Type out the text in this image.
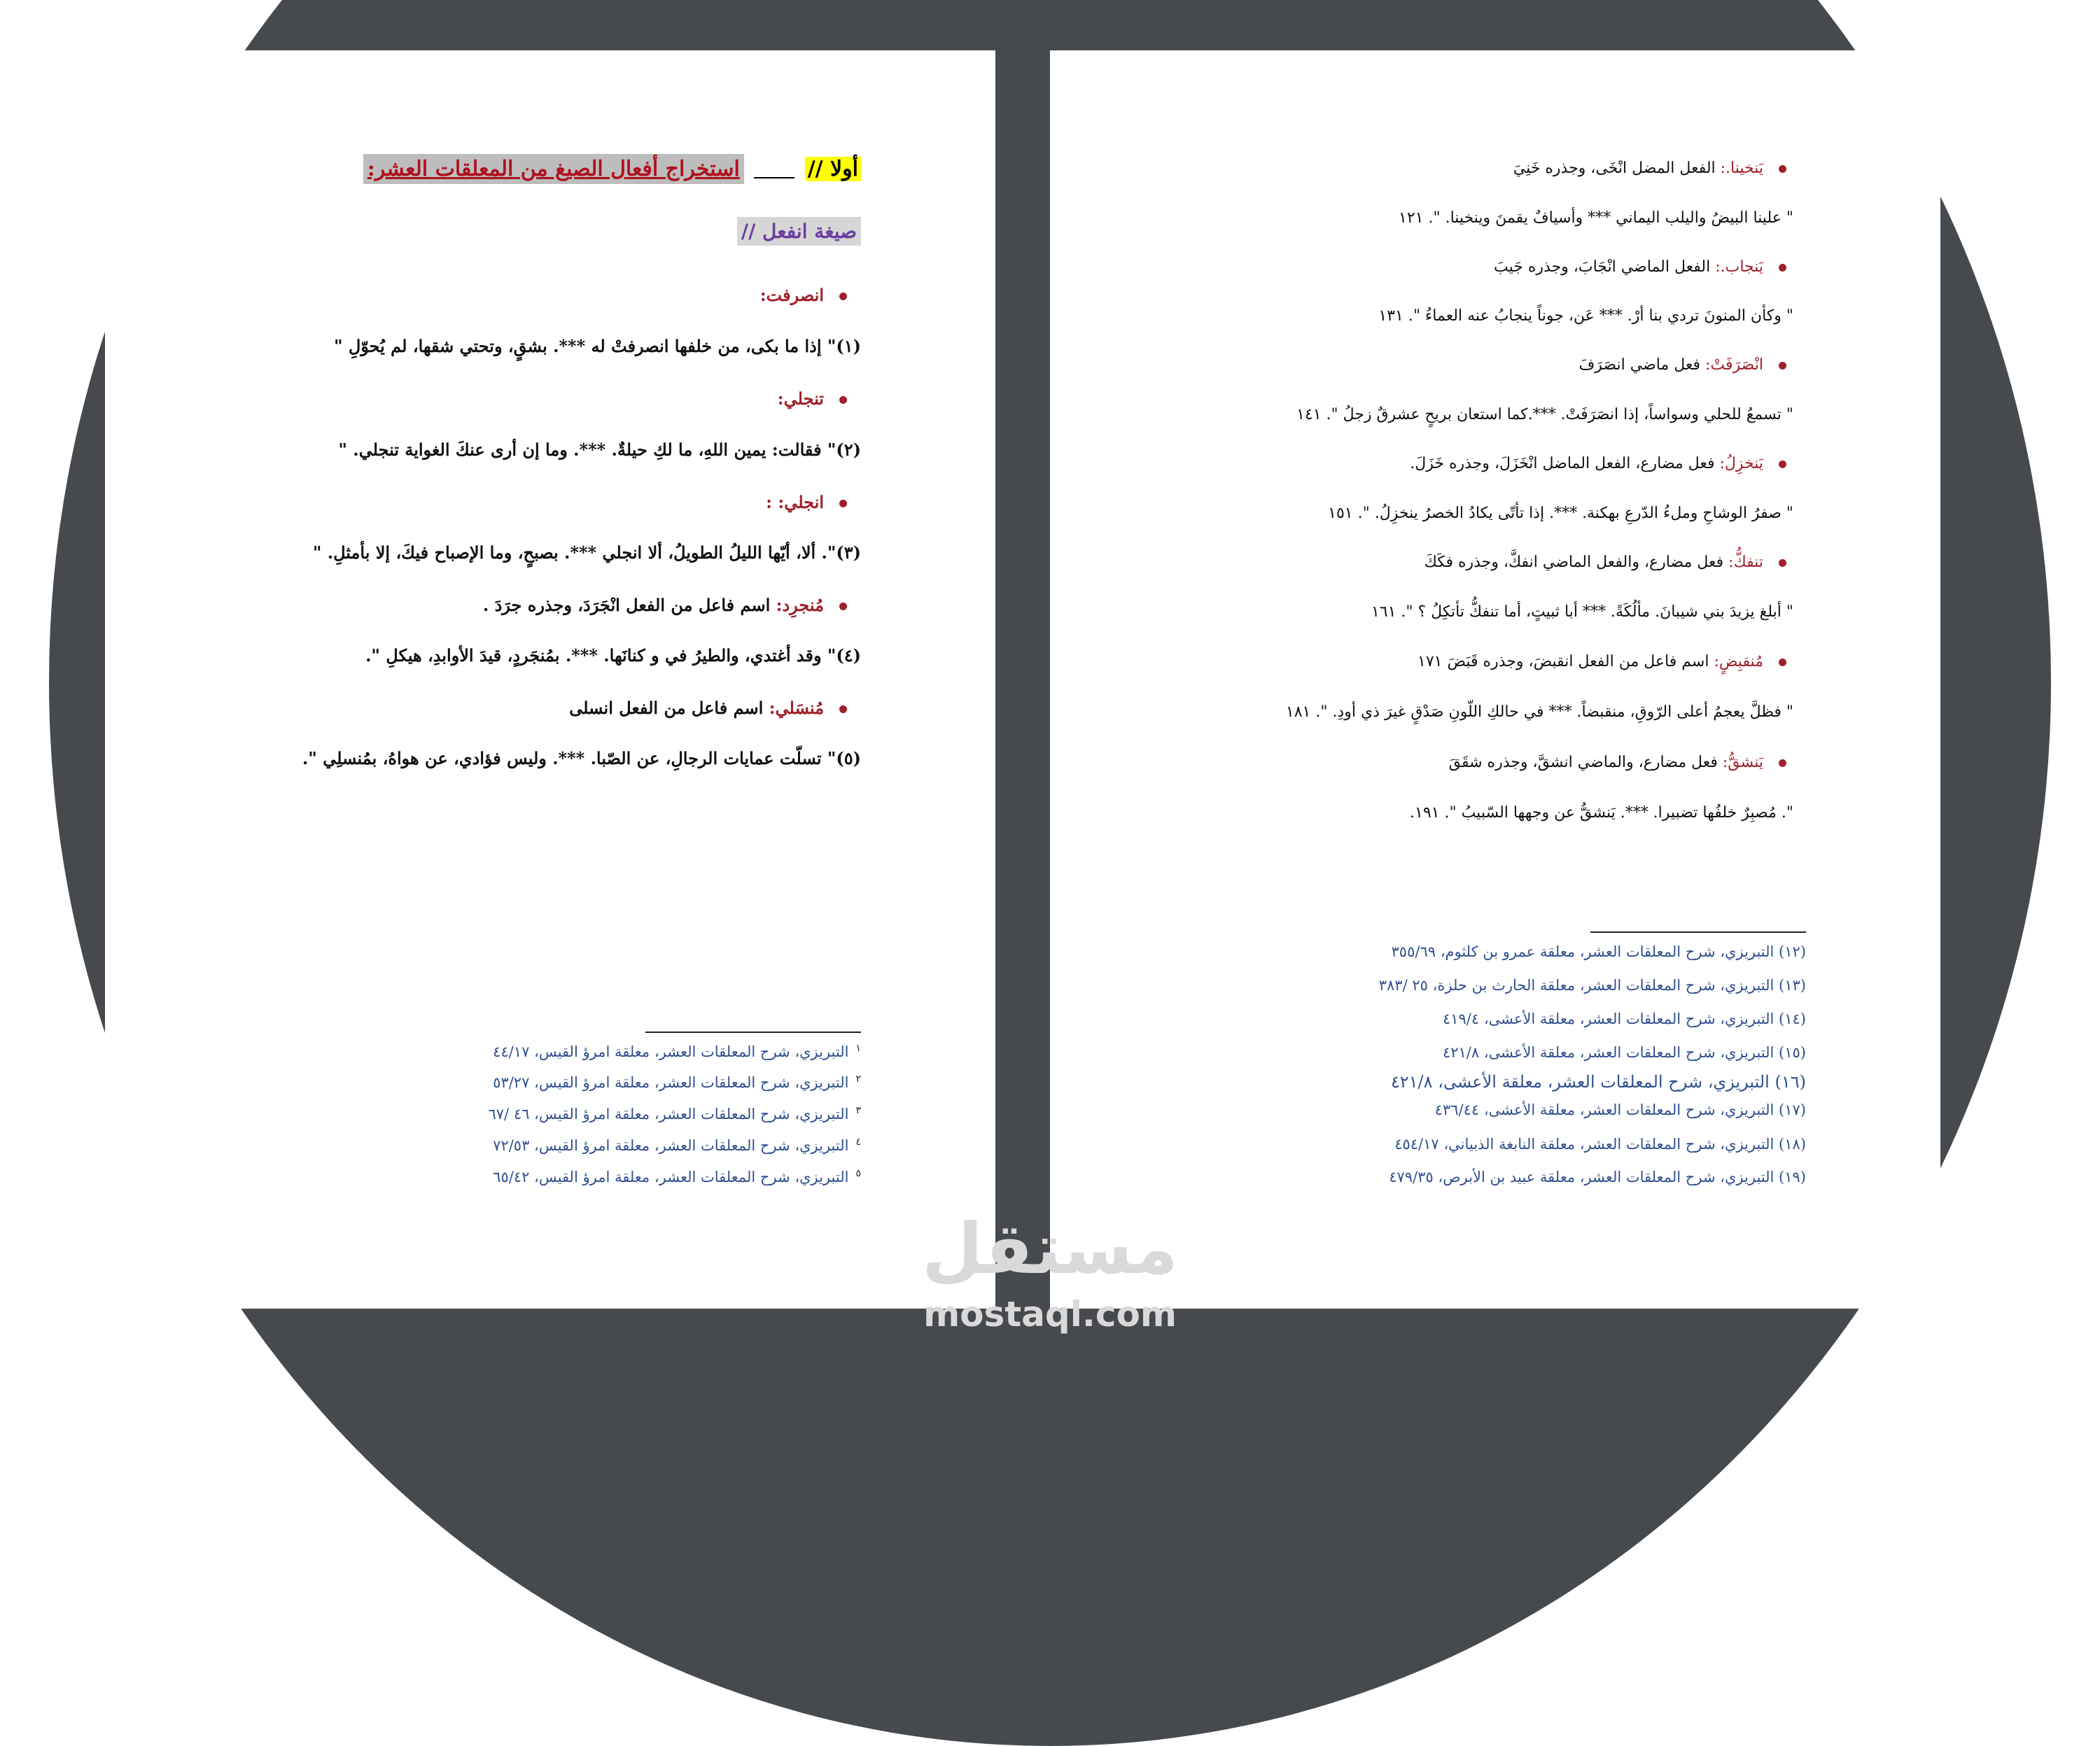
أولا //  استخراج أفعال الصيغ من المعلقات العشر:
صيغة انفعل //
انصرفت:
(١)" إذا ما بكى، من خلفها انصرفتْ له ***. بشقٍ، وتحتي شقها، لم يُحوّلِ "
تنجلي:
(٢)" فقالت: يمين اللهِ، ما لكِ حيلةٌ. ***. وما إن أرى عنكَ الغواية تنجلي. "
انجلي: :
(٣)". ألا، أيّها الليلُ الطويلُ، ألا انجلي ***. بصبحٍ، وما الإصباح فيكَ، إلا بأمثلِ. "
مُنجرِد: اسم فاعل من الفعل انْجَرَدَ، وجذره جرَدَ .
(٤)" وقد أغتدي، والطيرُ في و كنانَها. ***. بمُنجَردٍ، قيدَ الأوابدِ، هيكلِ ".
مُنسَلي: اسم فاعل من الفعل انسلى
(٥)" تسلّت عمايات الرجالِ، عن الصّبا. ***. وليس فؤادي، عن هواهُ، بمُنسلِي ".
$^١$التبريزي، شرح المعلقات العشر، معلقة امرؤ القيس، ٤٤/١٧
$^٢$التبريزي، شرح المعلقات العشر، معلقة امرؤ القيس، ٥٣/٢٧
$^٣$التبريزي، شرح المعلقات العشر، معلقة امرؤ القيس، ٤٦ /٦٧
$^٤$التبريزي، شرح المعلقات العشر، معلقة امرؤ القيس، ٧٢/٥٣
$^٥$التبريزي، شرح المعلقات العشر، معلقة امرؤ القيس، ٦٥/٤٢
يَنخينا.: الفعل المضل انْخَى، وجذره خَنِيَ
" علينا البيضُ واليلب اليماني *** وأسيافٌ يقمنَ وينخينا. ". ١٢١
يَنجاب.: الفعل الماضي انْجَابَ، وجذره جَيبَ
" وكأن المنونَ تردي بنا أرْ. *** عَن، جوناً ينجابُ عنه العماءُ ". ١٣١
انْصَرَفَتْ: فعل ماضي انصَرَفَ
" تسمعُ للحلي وسواساً، إذا انصَرَفَتْ. ***.كما استعان بريحٍ عشرقٌ زجلُ ". ١٤١
يَنخزِلُ: فعل مضارع، الفعل الماضل انْخَزَلَ، وجذره خَزَلَ.
" صفرُ الوشاحِ وملءُ الدّرعِ بهكنة. ***. إذا تأتّى يكادُ الخصرُ ينخزِلُ. ". ١٥١
تنفكُّ: فعل مضارع، والفعل الماضي انفكَّ، وجذره فكَكَ
" أبلغ يزيدَ بني شيبانَ. مألُكَةً. *** أبا ثبيتٍ، أما تنفكُّ تأتكِلُ ؟ ". ١٦١
مُنقبِضٍ: اسم فاعل من الفعل انقبضَ، وجذره قَبَضَ ١٧١
" فظلَّ يعجمُ أعلى الرّوقِ، منقبضاً. *** في حالكِ اللّونِ صَدْقٍ غيرَ ذي أودِ. ". ١٨١
يَنشقُّ: فعل مضارع، والماضي انشقَّ، وجذره شقَقَ
". مُصبِرٌ خلفُها تضبيرا. ***. يَنشقُّ عن وجهها السّبيبُ ". ١٩١.
(١٢) التبريزي، شرح المعلقات العشر، معلقة عمرو بن كلثوم، ٣٥٥/٦٩
(١٣) التبريزي، شرح المعلقات العشر، معلقة الحارث بن حلزة، ٢٥ /٣٨٣
(١٤) التبريزي، شرح المعلقات العشر، معلقة الأعشى، ٤١٩/٤
(١٥) التبريزي، شرح المعلقات العشر، معلقة الأعشى، ٤٢١/٨
(١٦) التبريزي، شرح المعلقات العشر، معلقة الأعشى، ٤٢١/٨
(١٧) التبريزي، شرح المعلقات العشر، معلقة الأعشى، ٤٣٦/٤٤
(١٨) التبريزي، شرح المعلقات العشر، معلقة النابغة الذبياني، ٤٥٤/١٧
(١٩) التبريزي، شرح المعلقات العشر، معلقة عبيد بن الأبرص، ٤٧٩/٣٥
مستقل
mostaql.com
